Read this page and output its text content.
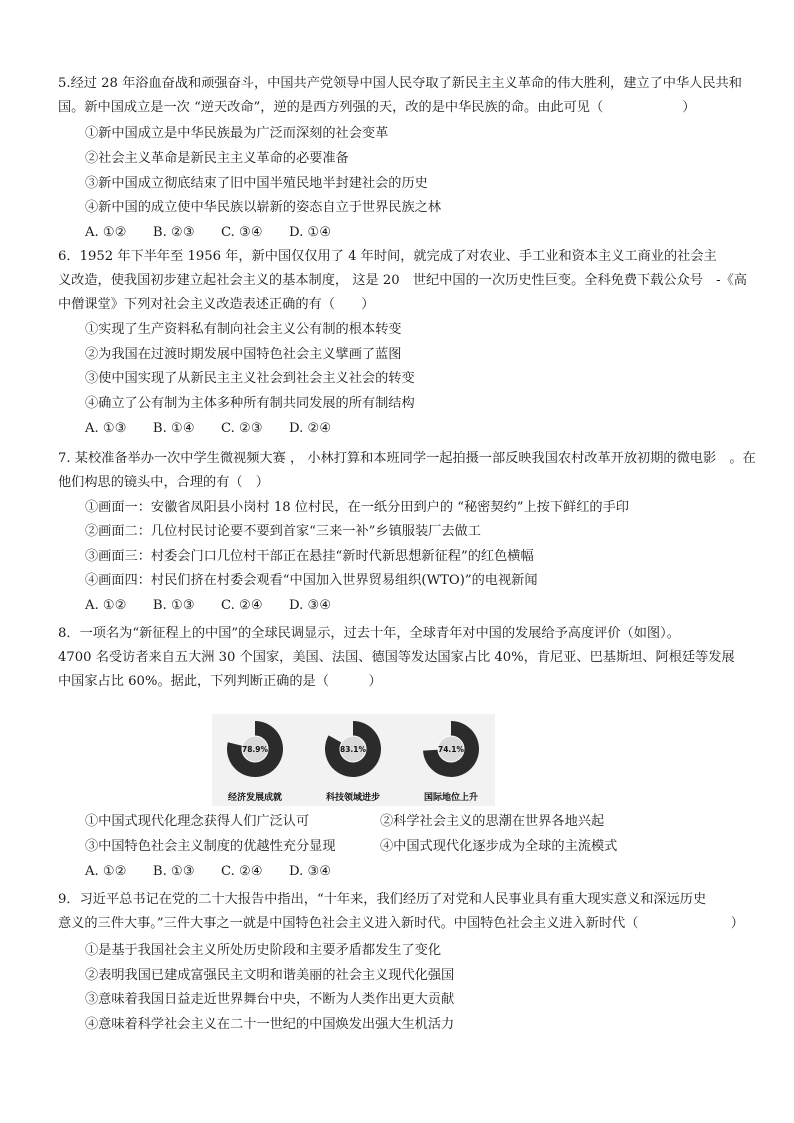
5.经过 28 年浴血奋战和顽强奋斗，中国共产党领导中国人民夺取了新民主主义革命的伟大胜利，建立了中华人民共和
国。新中国成立是一次 “逆天改命”，逆的是西方列强的天，改的是中华民族的命。由此可见（　　　　　　）
①新中国成立是中华民族最为广泛而深刻的社会变革
②社会主义革命是新民主主义革命的必要准备
③新中国成立彻底结束了旧中国半殖民地半封建社会的历史
④新中国的成立使中华民族以崭新的姿态自立于世界民族之林
A. ①②　　B. ②③　　C. ③④　　D. ①④
6．1952 年下半年至 1956 年，新中国仅仅用了 4 年时间，就完成了对农业、手工业和资本主义工商业的社会主
义改造，使我国初步建立起社会主义的基本制度， 这是 20　世纪中国的一次历史性巨变。全科免费下载公众号　-《高
中僧课堂》下列对社会主义改造表述正确的有（　　）
①实现了生产资料私有制向社会主义公有制的根本转变
②为我国在过渡时期发展中国特色社会主义擘画了蓝图
③使中国实现了从新民主主义社会到社会主义社会的转变
④确立了公有制为主体多种所有制共同发展的所有制结构
A. ①③　　B. ①④　　C. ②③　　D. ②④
7. 某校准备举办一次中学生微视频大赛 ， 小林打算和本班同学一起拍摄一部反映我国农村改革开放初期的微电影　。在
他们构思的镜头中，合理的有（　）
①画面一：安徽省凤阳县小岗村 18 位村民，在一纸分田到户的 “秘密契约”上按下鲜红的手印
②画面二：几位村民讨论要不要到首家“三来一补”乡镇服装厂去做工
③画面三：村委会门口几位村干部正在悬挂“新时代新思想新征程”的红色横幅
④画面四：村民们挤在村委会观看“中国加入世界贸易组织(WTO)”的电视新闻
A. ①②　　B. ①③　　C. ②④　　D. ③④
8．一项名为“新征程上的中国”的全球民调显示，过去十年，全球青年对中国的发展给予高度评价（如图）。
4700 名受访者来自五大洲 30 个国家，美国、法国、德国等发达国家占比 40%，肯尼亚、巴基斯坦、阿根廷等发展
中国家占比 60%。据此，下列判断正确的是（　　　）
78.9%
经济发展成就
83.1%
科技领域进步
74.1%
国际地位上升
①中国式现代化理念获得人们广泛认可	②科学社会主义的思潮在世界各地兴起
③中国特色社会主义制度的优越性充分显现	④中国式现代化逐步成为全球的主流模式
A. ①②　　B. ①③　　C. ②④　　D. ③④
9．习近平总书记在党的二十大报告中指出，“十年来，我们经历了对党和人民事业具有重大现实意义和深远历史
意义的三件大事。”三件大事之一就是中国特色社会主义进入新时代。中国特色社会主义进入新时代（　　　　　　　）
①是基于我国社会主义所处历史阶段和主要矛盾都发生了变化
②表明我国已建成富强民主文明和谐美丽的社会主义现代化强国
③意味着我国日益走近世界舞台中央，不断为人类作出更大贡献
④意味着科学社会主义在二十一世纪的中国焕发出强大生机活力
